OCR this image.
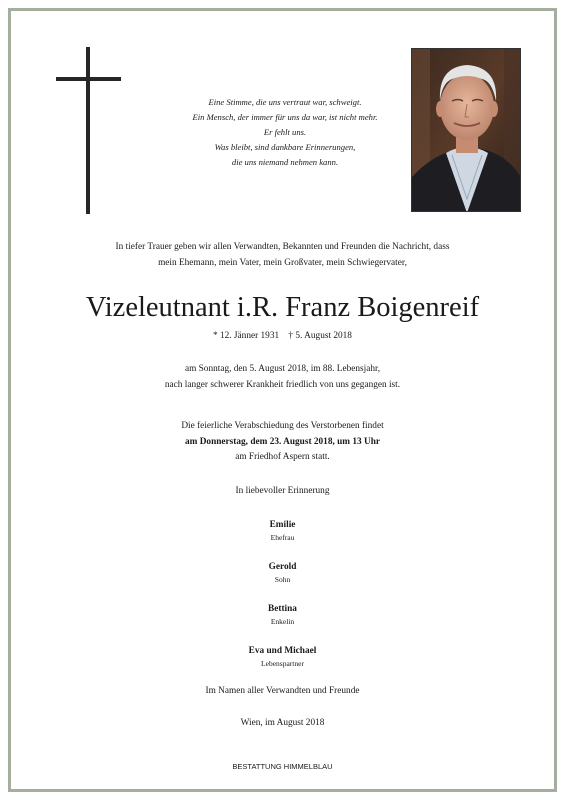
Eine Stimme, die uns vertraut war, schweigt.
Ein Mensch, der immer für uns da war, ist nicht mehr.
Er fehlt uns.
Was bleibt, sind dankbare Erinnerungen,
die uns niemand nehmen kann.
In tiefer Trauer geben wir allen Verwandten, Bekannten und Freunden die Nachricht, dass
mein Ehemann, mein Vater, mein Großvater, mein Schwiegervater,
Vizeleutnant i.R. Franz Boigenreif
* 12. Jänner 1931 † 5. August 2018
am Sonntag, den 5. August 2018, im 88. Lebensjahr,
nach langer schwerer Krankheit friedlich von uns gegangen ist.
Die feierliche Verabschiedung des Verstorbenen findet
am Donnerstag, dem 23. August 2018, um 13 Uhr
am Friedhof Aspern statt.
In liebevoller Erinnerung
Emilie
Ehefrau
Gerold
Sohn
Bettina
Enkelin
Eva und Michael
Lebenspartner
Im Namen aller Verwandten und Freunde
Wien, im August 2018
BESTATTUNG HIMMELBLAU
